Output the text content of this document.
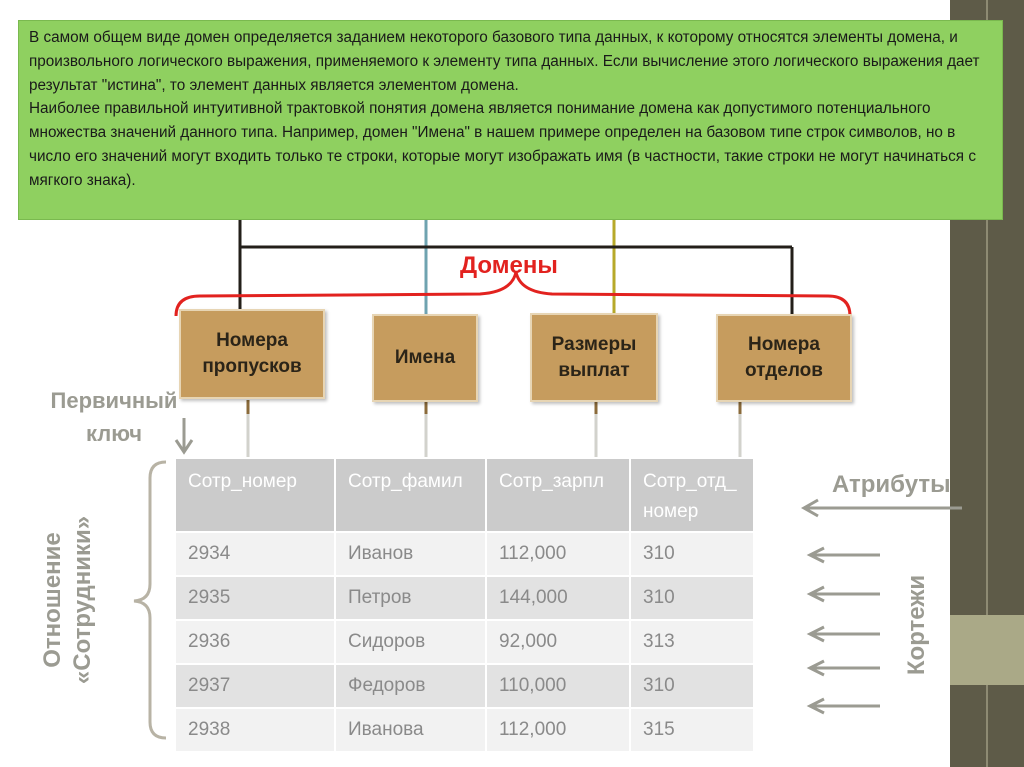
В самом общем виде домен определяется заданием некоторого базового типа данных, к которому относятся элементы домена, и произвольного логического выражения, применяемого к элементу типа данных. Если вычисление этого логического выражения дает результат "истина", то элемент данных является элементом домена.

Наиболее правильной интуитивной трактовкой понятия домена является понимание домена как допустимого потенциального множества значений данного типа. Например, домен "Имена" в нашем примере определен на базовом типе строк символов, но в число его значений могут входить только те строки, которые могут изображать имя (в частности, такие строки не могут начинаться с мягкого знака).

Домены
Номера
пропусков	Имена
Размеры
выплат
Номера
отделов
Первичный
ключ
Атрибуты
Отношение «Сотрудники»	Кортежи
Сотр_номер	Сотр_фамил	Сотр_зарпл	Сотр_отд_
номер
2934	Иванов	112,000	310
2935	Петров	144,000	310
2936	Сидоров	92,000	313
2937	Федоров	110,000	310
2938	Иванова	112,000	315
